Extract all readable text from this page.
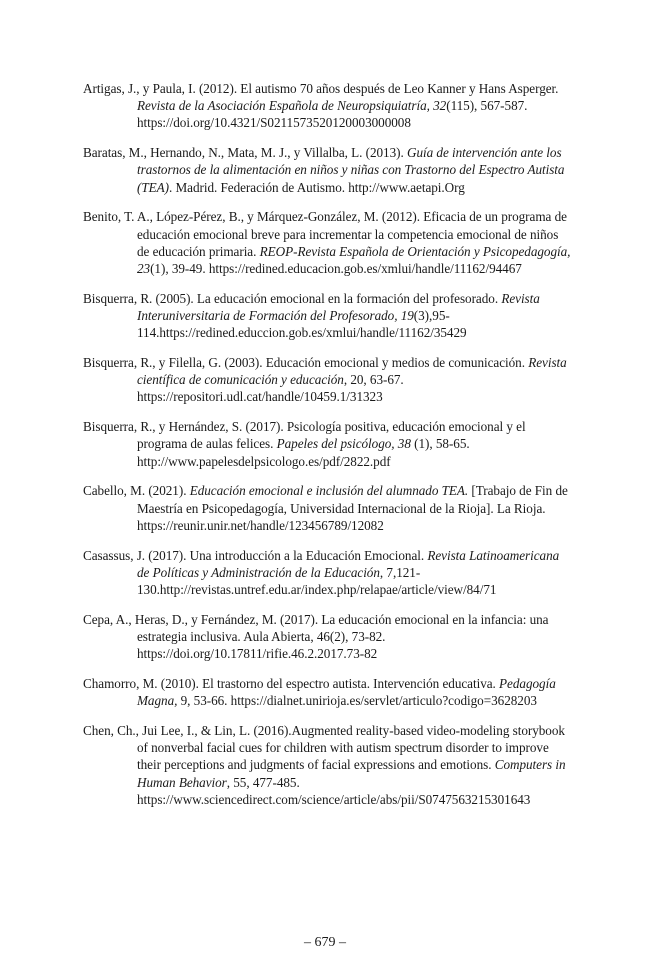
Artigas, J., y Paula, I. (2012). El autismo 70 años después de Leo Kanner y Hans Asperger. Revista de la Asociación Española de Neuropsiquiatría, 32(115), 567-587. https://doi.org/10.4321/S0211573520120003000008

Baratas, M., Hernando, N., Mata, M. J., y Villalba, L. (2013). Guía de intervención ante los trastornos de la alimentación en niños y niñas con Trastorno del Espectro Autista (TEA). Madrid. Federación de Autismo. http://www.aetapi.Org

Benito, T. A., López-Pérez, B., y Márquez-González, M. (2012). Eficacia de un programa de educación emocional breve para incrementar la competencia emocional de niños de educación primaria. REOP-Revista Española de Orientación y Psicopedagogía, 23(1), 39-49. https://redined.educacion.gob.es/xmlui/handle/11162/94467

Bisquerra, R. (2005). La educación emocional en la formación del profesorado. Revista Interuniversitaria de Formación del Profesorado, 19(3),95-114.https://redined.educcion.gob.es/xmlui/handle/11162/35429

Bisquerra, R., y Filella, G. (2003). Educación emocional y medios de comunicación. Revista científica de comunicación y educación, 20, 63-67. https://repositori.udl.cat/handle/10459.1/31323

Bisquerra, R., y Hernández, S. (2017). Psicología positiva, educación emocional y el programa de aulas felices. Papeles del psicólogo, 38 (1), 58-65. http://www.papelesdelpsicologo.es/pdf/2822.pdf

Cabello, M. (2021). Educación emocional e inclusión del alumnado TEA. [Trabajo de Fin de Maestría en Psicopedagogía, Universidad Internacional de la Rioja]. La Rioja. https://reunir.unir.net/handle/123456789/12082

Casassus, J. (2017). Una introducción a la Educación Emocional. Revista Latinoamericana de Políticas y Administración de la Educación, 7,121-130.http://revistas.untref.edu.ar/index.php/relapae/article/view/84/71

Cepa, A., Heras, D., y Fernández, M. (2017). La educación emocional en la infancia: una estrategia inclusiva. Aula Abierta, 46(2), 73-82. https://doi.org/10.17811/rifie.46.2.2017.73-82

Chamorro, M. (2010). El trastorno del espectro autista. Intervención educativa. Pedagogía Magna, 9, 53-66. https://dialnet.unirioja.es/servlet/articulo?codigo=3628203

Chen, Ch., Jui Lee, I., & Lin, L. (2016).Augmented reality-based video-modeling storybook of nonverbal facial cues for children with autism spectrum disorder to improve their perceptions and judgments of facial expressions and emotions. Computers in Human Behavior, 55, 477-485. https://www.sciencedirect.com/science/article/abs/pii/S0747563215301643

– 679 –
